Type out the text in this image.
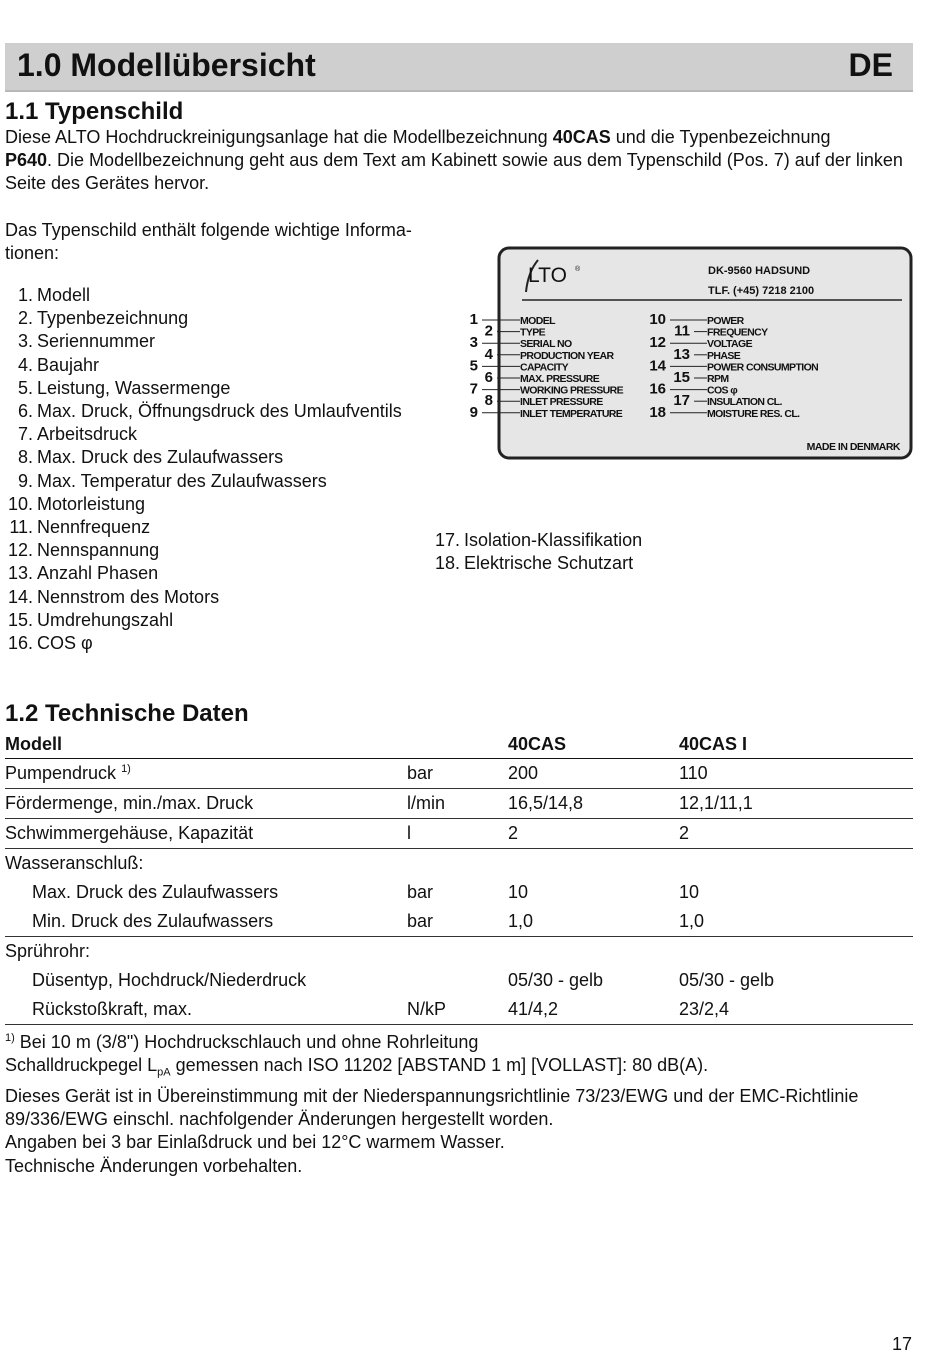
1.0 Modellübersicht	DE
1.1 Typenschild
Diese ALTO Hochdruckreinigungsanlage hat die Modellbezeichnung 40CAS und die Typenbezeichnung
P640. Die Modellbezeichnung geht aus dem Text am Kabinett sowie aus dem Typenschild (Pos. 7) auf der linken Seite des Gerätes hervor.
Das Typenschild enthält folgende wichtige Informa-
tionen:
1. Modell
2. Typenbezeichnung
3. Seriennummer
4. Baujahr
5. Leistung, Wassermenge
6. Max. Druck, Öffnungsdruck des Umlaufventils
7. Arbeitsdruck
8. Max. Druck des Zulaufwassers
9. Max. Temperatur des Zulaufwassers
10. Motorleistung
11. Nennfrequenz
12. Nennspannung
13. Anzahl Phasen
14. Nennstrom des Motors
15. Umdrehungszahl
16. COS φ
17. Isolation-Klassifikation
18. Elektrische Schutzart
LTO ®	DK-9560 HADSUND
TLF. (+45) 7218 2100
1	MODEL
2	TYPE
3	SERIAL NO
4	PRODUCTION YEAR
5	CAPACITY
6	MAX. PRESSURE
7	WORKING PRESSURE
8	INLET PRESSURE
9	INLET TEMPERATURE
10	POWER
11 FREQUENCY
12	VOLTAGE
13 PHASE
14	POWER CONSUMPTION
15 RPM
16	COS φ
17 INSULATION CL.
18	MOISTURE RES. CL.
MADE IN DENMARK
1.2 Technische Daten
Modell		40CAS	40CAS I
Pumpendruck $^{1)}$	bar	200	110
Fördermenge, min./max. Druck	l/min	16,5/14,8	12,1/11,1
Schwimmergehäuse, Kapazität	l	2	2
Wasseranschluß:			
Max. Druck des Zulaufwassers	bar	10	10
Min. Druck des Zulaufwassers	bar	1,0	1,0
Sprührohr:			
Düsentyp, Hochdruck/Niederdruck		05/30 - gelb	05/30 - gelb
Rückstoßkraft, max.	N/kP	41/4,2	23/2,4
$^{1)}$ Bei 10 m (3/8") Hochdruckschlauch und ohne Rohrleitung
Schalldruckpegel $L_{pA}$ gemessen nach ISO 11202 [ABSTAND 1 m] [VOLLAST]: 80 dB(A).
Dieses Gerät ist in Übereinstimmung mit der Niederspannungsrichtlinie 73/23/EWG und der EMC-Richtlinie 89/336/EWG einschl. nachfolgender Änderungen hergestellt worden.
Angaben bei 3 bar Einlaßdruck und bei 12°C warmem Wasser.
Technische Änderungen vorbehalten.
17
